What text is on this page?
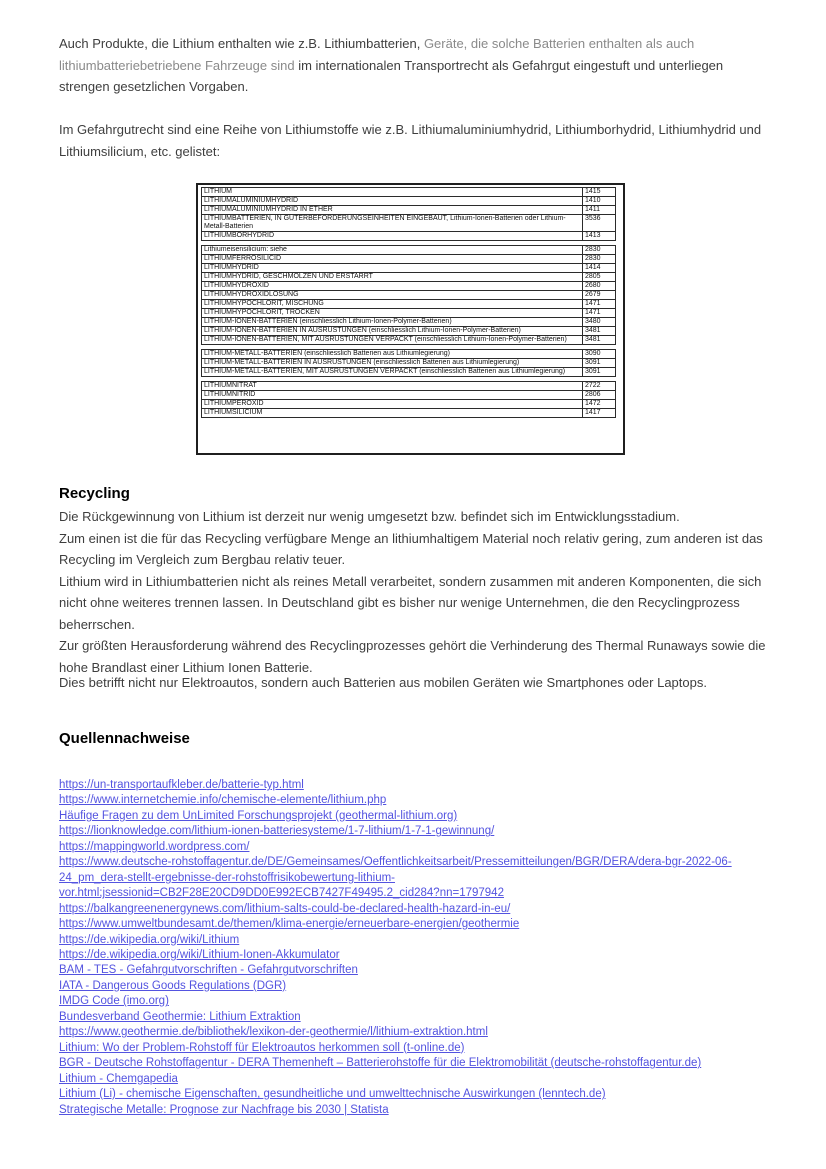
Auch Produkte, die Lithium enthalten wie z.B. Lithiumbatterien, Geräte, die solche Batterien enthalten als auch lithiumbatteriebetriebene Fahrzeuge sind im internationalen Transportrecht als Gefahrgut eingestuft und unterliegen strengen gesetzlichen Vorgaben.
Im Gefahrgutrecht sind eine Reihe von Lithiumstoffe wie z.B. Lithiumaluminiumhydrid, Lithiumborhydrid, Lithiumhydrid und Lithiumsilicium, etc. gelistet:
LITHIUM	1415
LITHIUMALUMINIUMHYDRID	1410
LITHIUMALUMINIUMHYDRID IN ETHER	1411
LITHIUMBATTERIEN, IN GÜTERBEFÖRDERUNGSEINHEITEN EINGEBAUT, Lithium-Ionen-Batterien oder Lithium-Metall-Batterien	3536
LITHIUMBORHYDRID	1413
Lithiumeisensilicium: siehe	2830
LITHIUMFERROSILICID	2830
LITHIUMHYDRID	1414
LITHIUMHYDRID, GESCHMOLZEN UND ERSTARRT	2805
LITHIUMHYDROXID	2680
LITHIUMHYDROXIDLÖSUNG	2679
LITHIUMHYPOCHLORIT, MISCHUNG	1471
LITHIUMHYPOCHLORIT, TROCKEN	1471
LITHIUM-IONEN-BATTERIEN (einschliesslich Lithium-Ionen-Polymer-Batterien)	3480
LITHIUM-IONEN-BATTERIEN IN AUSRÜSTUNGEN (einschliesslich Lithium-Ionen-Polymer-Batterien)	3481
LITHIUM-IONEN-BATTERIEN, MIT AUSRÜSTUNGEN VERPACKT (einschliesslich Lithium-Ionen-Polymer-Batterien)	3481
LITHIUM-METALL-BATTERIEN (einschliesslich Batterien aus Lithiumlegierung)	3090
LITHIUM-METALL-BATTERIEN IN AUSRÜSTUNGEN (einschliesslich Batterien aus Lithiumlegierung)	3091
LITHIUM-METALL-BATTERIEN, MIT AUSRÜSTUNGEN VERPACKT (einschliesslich Batterien aus Lithiumlegierung)	3091
LITHIUMNITRAT	2722
LITHIUMNITRID	2806
LITHIUMPEROXID	1472
LITHIUMSILICIUM	1417
Recycling
Die Rückgewinnung von Lithium ist derzeit nur wenig umgesetzt bzw. befindet sich im Entwicklungsstadium.
Zum einen ist die für das Recycling verfügbare Menge an lithiumhaltigem Material noch relativ gering, zum anderen ist das Recycling im Vergleich zum Bergbau relativ teuer.
Lithium wird in Lithiumbatterien nicht als reines Metall verarbeitet, sondern zusammen mit anderen Komponenten, die sich nicht ohne weiteres trennen lassen. In Deutschland gibt es bisher nur wenige Unternehmen, die den Recyclingprozess beherrschen.
Zur größten Herausforderung während des Recyclingprozesses gehört die Verhinderung des Thermal Runaways sowie die hohe Brandlast einer Lithium Ionen Batterie.
Dies betrifft nicht nur Elektroautos, sondern auch Batterien aus mobilen Geräten wie Smartphones oder Laptops.
Quellennachweise
https://un-transportaufkleber.de/batterie-typ.html
https://www.internetchemie.info/chemische-elemente/lithium.php
Häufige Fragen zu dem UnLimited Forschungsprojekt (geothermal-lithium.org)
https://lionknowledge.com/lithium-ionen-batteriesysteme/1-7-lithium/1-7-1-gewinnung/
https://mappingworld.wordpress.com/
https://www.deutsche-rohstoffagentur.de/DE/Gemeinsames/Oeffentlichkeitsarbeit/Pressemitteilungen/BGR/DERA/dera-bgr-2022-06-24_pm_dera-stellt-ergebnisse-der-rohstoffrisikobewertung-lithium-vor.html;jsessionid=CB2F28E20CD9DD0E992ECB7427F49495.2_cid284?nn=1797942
https://balkangreenenergynews.com/lithium-salts-could-be-declared-health-hazard-in-eu/
https://www.umweltbundesamt.de/themen/klima-energie/erneuerbare-energien/geothermie
https://de.wikipedia.org/wiki/Lithium
https://de.wikipedia.org/wiki/Lithium-Ionen-Akkumulator
BAM - TES - Gefahrgutvorschriften - Gefahrgutvorschriften
IATA - Dangerous Goods Regulations (DGR)
IMDG Code (imo.org)
Bundesverband Geothermie: Lithium Extraktion
https://www.geothermie.de/bibliothek/lexikon-der-geothermie/l/lithium-extraktion.html
Lithium: Wo der Problem-Rohstoff für Elektroautos herkommen soll (t-online.de)
BGR - Deutsche Rohstoffagentur - DERA Themenheft – Batterierohstoffe für die Elektromobilität (deutsche-rohstoffagentur.de)
Lithium - Chemgapedia
Lithium (Li) - chemische Eigenschaften, gesundheitliche und umwelttechnische Auswirkungen (lenntech.de)
Strategische Metalle: Prognose zur Nachfrage bis 2030 | Statista
